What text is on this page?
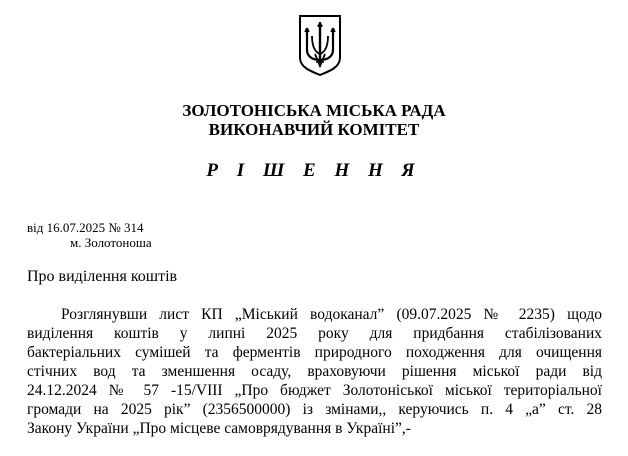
ЗОЛОТОНІСЬКА МІСЬКА РАДА
ВИКОНАВЧИЙ КОМІТЕТ
Р І Ш Е Н Н Я
від 16.07.2025 № 314
м. Золотоноша
Про виділення коштів
Розглянувши лист КП „Міський водоканал” (09.07.2025 № 2235) щодо
виділення коштів у липні 2025 року для придбання стабілізованих
бактеріальних сумішей та ферментів природного походження для очищення
стічних вод та зменшення осаду, враховуючи рішення міської ради від
24.12.2024 № 57 -15/VIII „Про бюджет Золотоніської міської територіальної
громади на 2025 рік” (2356500000) із змінами,, керуючись п. 4 „а” ст. 28
Закону України „Про місцеве самоврядування в Україні”,-
